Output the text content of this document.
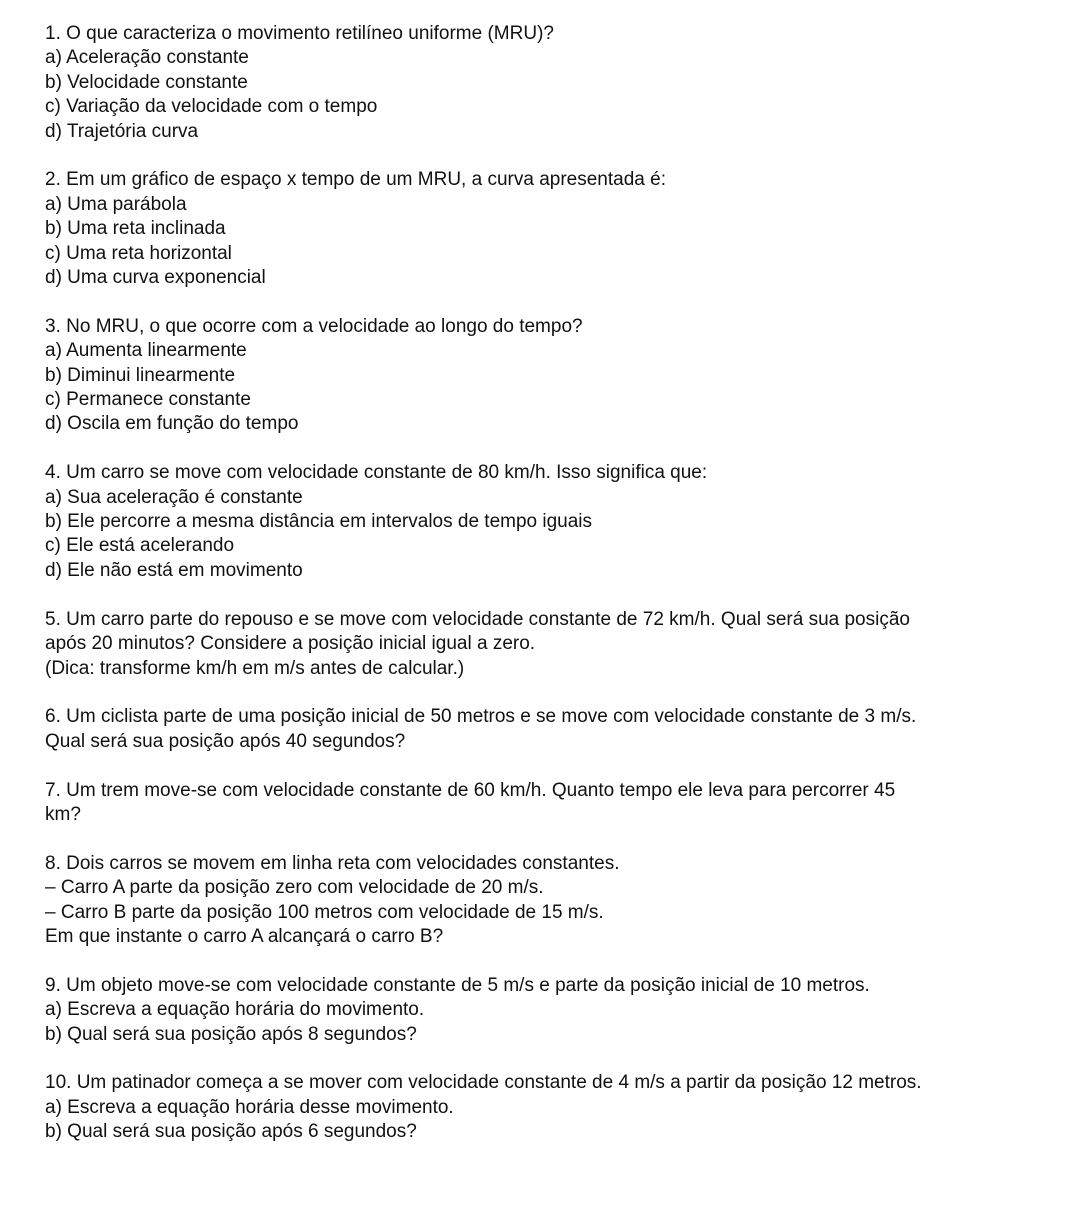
1. O que caracteriza o movimento retilíneo uniforme (MRU)?
a) Aceleração constante
b) Velocidade constante
c) Variação da velocidade com o tempo
d) Trajetória curva
2. Em um gráfico de espaço x tempo de um MRU, a curva apresentada é:
a) Uma parábola
b) Uma reta inclinada
c) Uma reta horizontal
d) Uma curva exponencial
3. No MRU, o que ocorre com a velocidade ao longo do tempo?
a) Aumenta linearmente
b) Diminui linearmente
c) Permanece constante
d) Oscila em função do tempo
4. Um carro se move com velocidade constante de 80 km/h. Isso significa que:
a) Sua aceleração é constante
b) Ele percorre a mesma distância em intervalos de tempo iguais
c) Ele está acelerando
d) Ele não está em movimento
5. Um carro parte do repouso e se move com velocidade constante de 72 km/h. Qual será sua posição
após 20 minutos? Considere a posição inicial igual a zero.
(Dica: transforme km/h em m/s antes de calcular.)
6. Um ciclista parte de uma posição inicial de 50 metros e se move com velocidade constante de 3 m/s.
Qual será sua posição após 40 segundos?
7. Um trem move-se com velocidade constante de 60 km/h. Quanto tempo ele leva para percorrer 45
km?
8. Dois carros se movem em linha reta com velocidades constantes.
– Carro A parte da posição zero com velocidade de 20 m/s.
– Carro B parte da posição 100 metros com velocidade de 15 m/s.
Em que instante o carro A alcançará o carro B?
9. Um objeto move-se com velocidade constante de 5 m/s e parte da posição inicial de 10 metros.
a) Escreva a equação horária do movimento.
b) Qual será sua posição após 8 segundos?
10. Um patinador começa a se mover com velocidade constante de 4 m/s a partir da posição 12 metros.
a) Escreva a equação horária desse movimento.
b) Qual será sua posição após 6 segundos?
